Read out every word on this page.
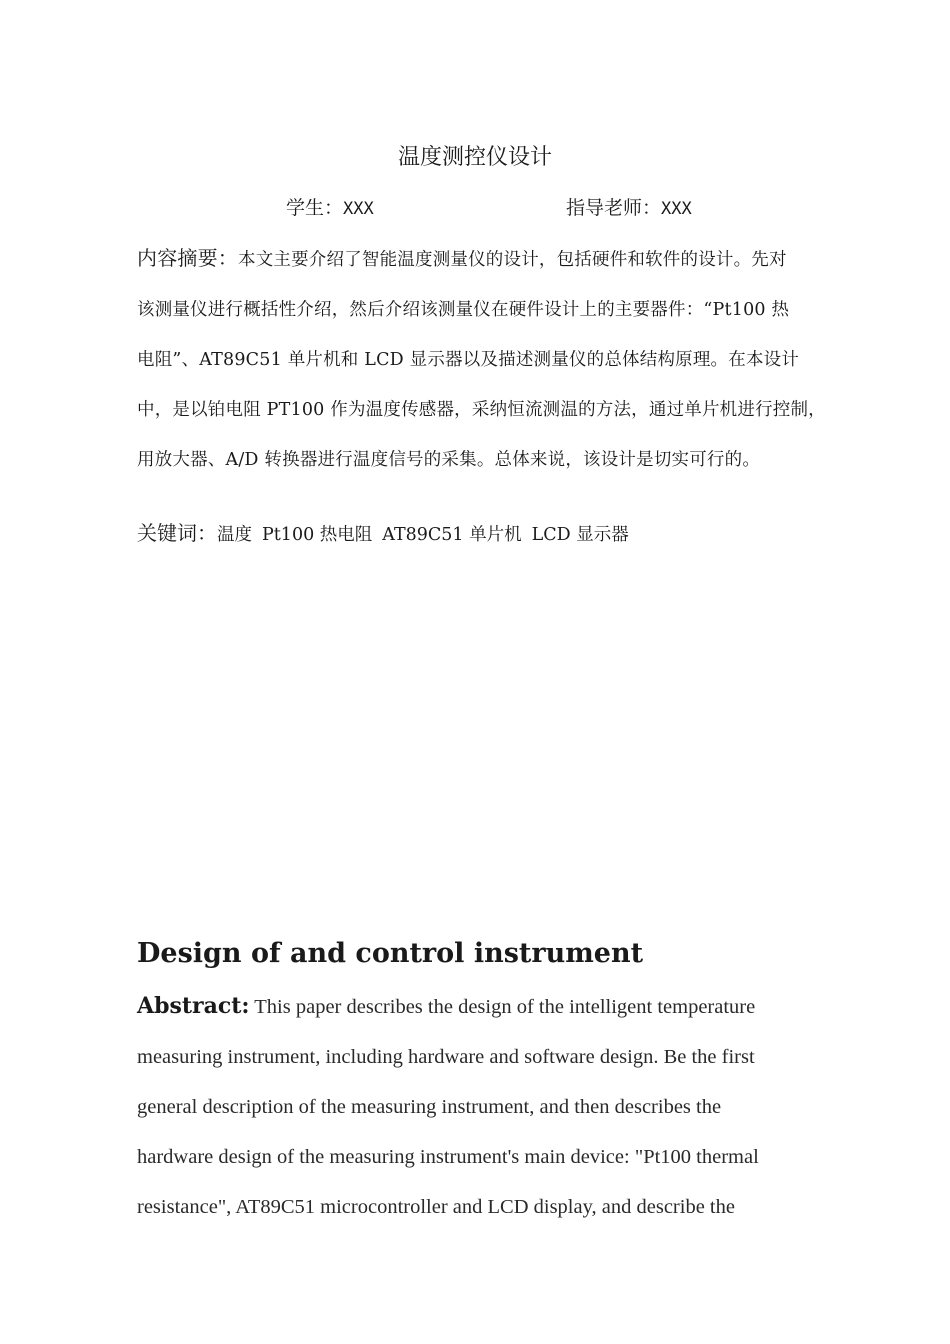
温度测控仪设计
学生：XXX	指导老师：XXX
内容摘要：本文主要介绍了智能温度测量仪的设计，包括硬件和软件的设计。先对
该测量仪进行概括性介绍，然后介绍该测量仪在硬件设计上的主要器件：“Pt100 热
电阻”、AT89C51 单片机和 LCD 显示器以及描述测量仪的总体结构原理。在本设计
中，是以铂电阻 PT100 作为温度传感器，采纳恒流测温的方法，通过单片机进行控制，
用放大器、A/D 转换器进行温度信号的采集。总体来说，该设计是切实可行的。
关键词：温度 Pt100 热电阻 AT89C51 单片机 LCD 显示器
Design of and control instrument
Abstract: This paper describes the design of the intelligent temperature
measuring instrument, including hardware and software design. Be the first
general description of the measuring instrument, and then describes the
hardware design of the measuring instrument's main device: "Pt100 thermal
resistance", AT89C51 microcontroller and LCD display, and describe the
